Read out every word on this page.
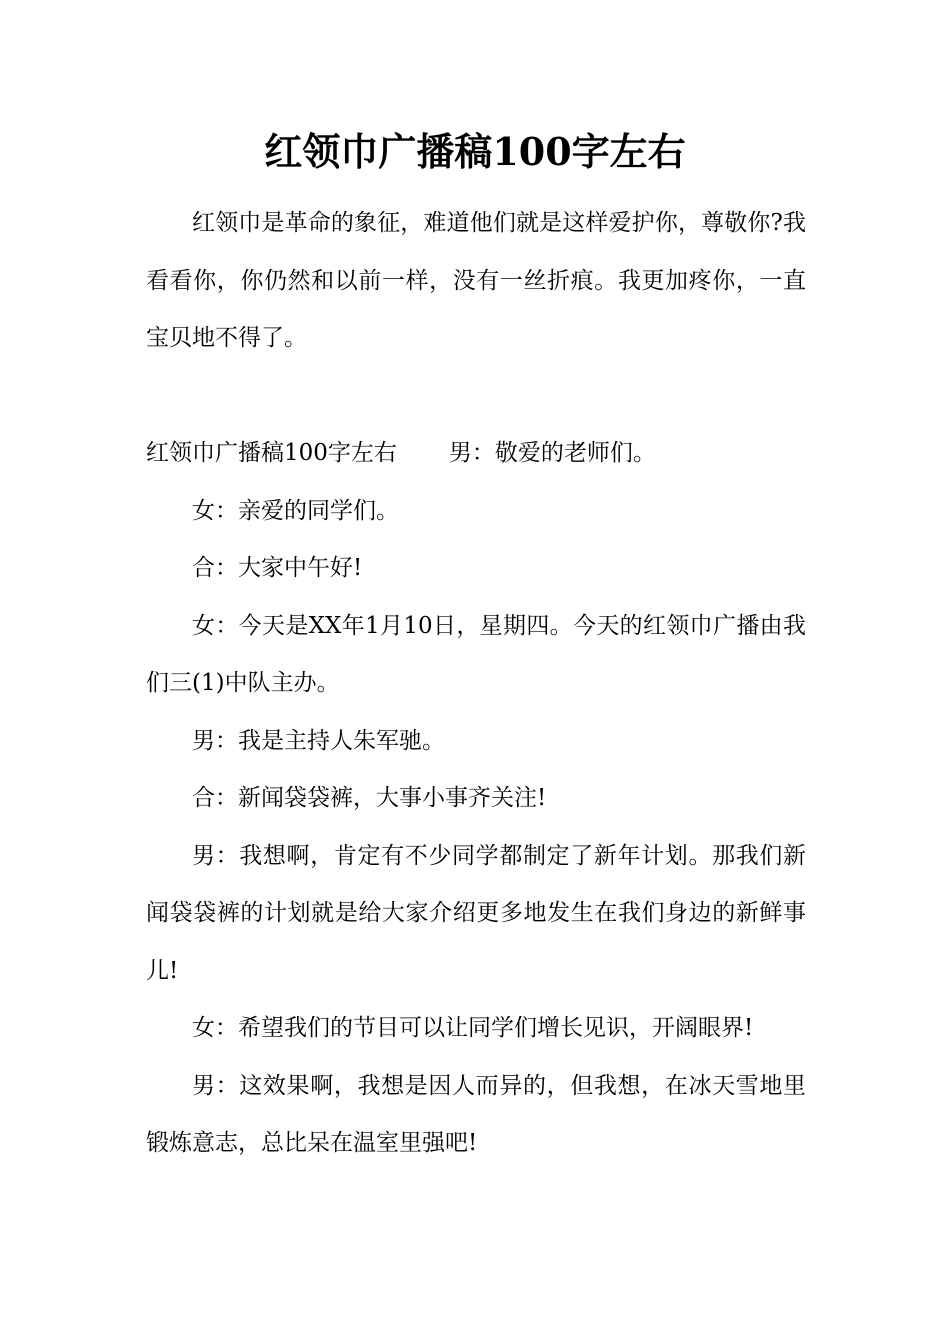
红领巾广播稿100字左右

红领巾是革命的象征，难道他们就是这样爱护你，尊敬你?我看看你，你仍然和以前一样，没有一丝折痕。我更加疼你，一直宝贝地不得了。

红领巾广播稿100字左右 男：敬爱的老师们。

女：亲爱的同学们。

合：大家中午好!

女：今天是XX年1月10日，星期四。今天的红领巾广播由我们三(1)中队主办。

男：我是主持人朱军驰。

合：新闻袋袋裤，大事小事齐关注!

男：我想啊，肯定有不少同学都制定了新年计划。那我们新闻袋袋裤的计划就是给大家介绍更多地发生在我们身边的新鲜事儿!

女：希望我们的节目可以让同学们增长见识，开阔眼界!

男：这效果啊，我想是因人而异的，但我想，在冰天雪地里锻炼意志，总比呆在温室里强吧!
